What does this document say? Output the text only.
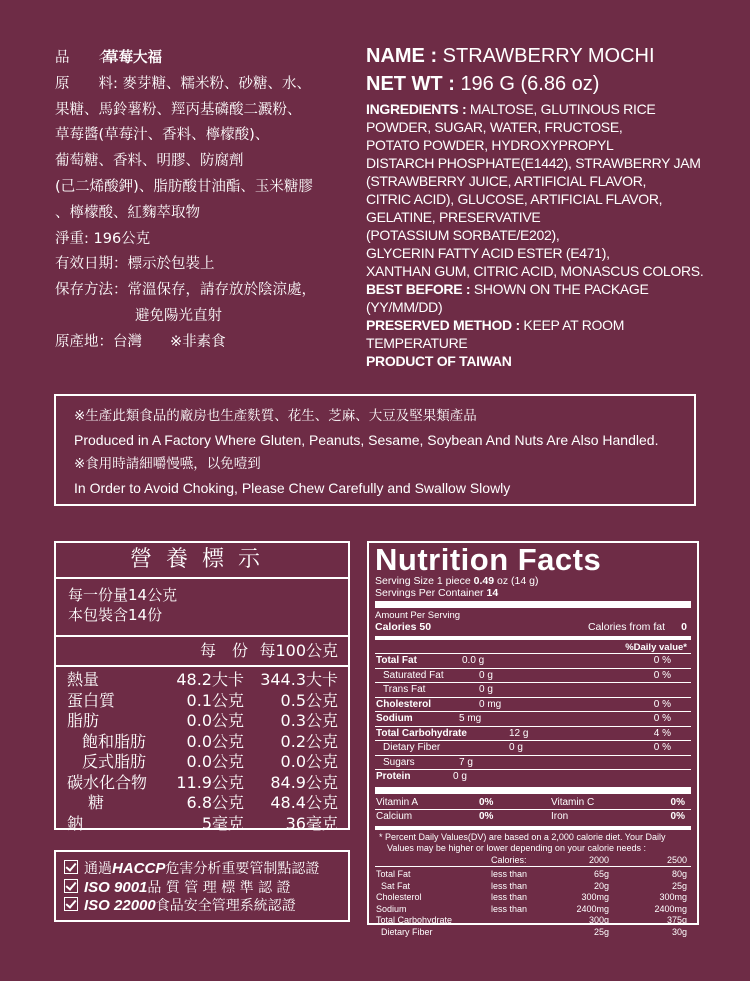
品　　名:草莓大福
原　　料: 麥芽糖、糯米粉、砂糖、水、
果糖、馬鈴薯粉、羥丙基磷酸二澱粉、
草莓醬(草莓汁、香料、檸檬酸)、
葡萄糖、香料、明膠、防腐劑
(己二烯酸鉀)、脂肪酸甘油酯、玉米糖膠
、檸檬酸、紅麴萃取物
淨重: 196公克
有效日期：標示於包裝上
保存方法：常溫保存，請存放於陰涼處，
避免陽光直射
原產地：台灣 ※非素食
NAME : STRAWBERRY MOCHI
NET WT : 196 G (6.86 oz)
INGREDIENTS : MALTOSE, GLUTINOUS RICE
POWDER, SUGAR, WATER, FRUCTOSE,
POTATO POWDER, HYDROXYPROPYL
DISTARCH PHOSPHATE(E1442), STRAWBERRY JAM
(STRAWBERRY JUICE, ARTIFICIAL FLAVOR,
CITRIC ACID), GLUCOSE, ARTIFICIAL FLAVOR,
GELATINE, PRESERVATIVE
(POTASSIUM SORBATE/E202),
GLYCERIN FATTY ACID ESTER (E471),
XANTHAN GUM, CITRIC ACID, MONASCUS COLORS.
BEST BEFORE : SHOWN ON THE PACKAGE
(YY/MM/DD)
PRESERVED METHOD : KEEP AT ROOM
TEMPERATURE
PRODUCT OF TAIWAN
※生產此類食品的廠房也生產麩質、花生、芝麻、大豆及堅果類產品
Produced in A Factory Where Gluten, Peanuts, Sesame, Soybean And Nuts Are Also Handled.
※食用時請細嚼慢嚥，以免噎到
In Order to Avoid Choking, Please Chew Carefully and Swallow Slowly
營養標示
每一份量14公克
本包裝含14份
每　份 每100公克
熱量	48.2大卡 344.3大卡
蛋白質	0.1公克 0.5公克
脂肪	0.0公克 0.3公克
飽和脂肪	0.0公克 0.2公克
反式脂肪	0.0公克 0.0公克
碳水化合物 11.9公克 84.9公克
糖	6.8公克 48.4公克
鈉	5毫克	36毫克
通過HACCP危害分析重要管制點認證
ISO 9001品 質 管 理 標 準 認 證
ISO 22000食品安全管理系統認證
Nutrition Facts
Serving Size 1 piece 0.49 oz (14 g)
Servings Per Container 14
Amount Per Serving
Calories 50	Calories from fat 0
%Daily value*
Total Fat	0.0 g	0 %
Saturated Fat	0 g	0 %
Trans Fat	0 g
Cholesterol	0 mg	0 %
Sodium	5 mg	0 %
Total Carbohydrate	12 g	4 %
Dietary Fiber	0 g	0 %
Sugars	7 g
Protein	0 g
Vitamin A	0%	Vitamin C	0%
Calcium	0%	Iron	0%
* Percent Daily Values(DV) are based on a 2,000 calorie diet. Your Daily
Values may be higher or lower depending on your calorie needs :
Calories:	2000	2500
Total Fat	less than	65g	80g
Sat Fat	less than	20g	25g
Cholesterol	less than	300mg	300mg
Sodium	less than	2400mg	2400mg
Total Carbohydrate	300g	375g
Dietary Fiber	25g	30g
